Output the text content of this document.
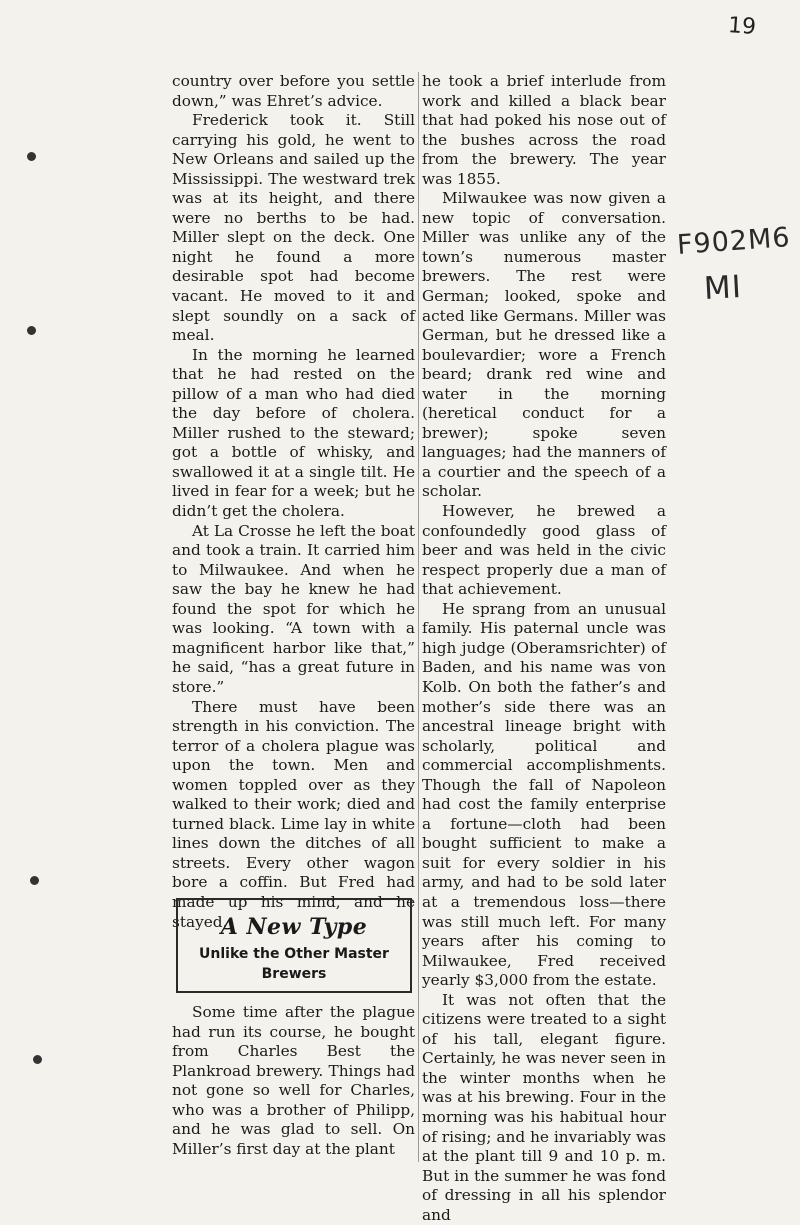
19
F902M6
MI

country over before you settle down,” was Ehret’s advice.

Frederick took it. Still carrying his gold, he went to New Orleans and sailed up the Mississippi. The westward trek was at its height, and there were no berths to be had. Miller slept on the deck. One night he found a more desirable spot had become vacant. He moved to it and slept soundly on a sack of meal.

In the morning he learned that he had rested on the pillow of a man who had died the day before of cholera. Miller rushed to the steward; got a bottle of whisky, and swallowed it at a single tilt. He lived in fear for a week; but he didn’t get the cholera.

At La Crosse he left the boat and took a train. It carried him to Milwaukee. And when he saw the bay he knew he had found the spot for which he was looking. “A town with a magnificent harbor like that,” he said, “has a great future in store.”

There must have been strength in his conviction. The terror of a cholera plague was upon the town. Men and women toppled over as they walked to their work; died and turned black. Lime lay in white lines down the ditches of all streets. Every other wagon bore a coffin. But Fred had made up his mind, and he stayed.

A New Type
Unlike the Other Master Brewers

Some time after the plague had run its course, he bought from Charles Best the Plankroad brewery. Things had not gone so well for Charles, who was a brother of Philipp, and he was glad to sell. On Miller’s first day at the plant

he took a brief interlude from work and killed a black bear that had poked his nose out of the bushes across the road from the brewery. The year was 1855.

Milwaukee was now given a new topic of conversation. Miller was unlike any of the town’s numerous master brewers. The rest were German; looked, spoke and acted like Germans. Miller was German, but he dressed like a boulevardier; wore a French beard; drank red wine and water in the morning (heretical conduct for a brewer); spoke seven languages; had the manners of a courtier and the speech of a scholar.

However, he brewed a confoundedly good glass of beer and was held in the civic respect properly due a man of that achievement.

He sprang from an unusual family. His paternal uncle was high judge (Oberamsrichter) of Baden, and his name was von Kolb. On both the father’s and mother’s side there was an ancestral lineage bright with scholarly, political and commercial accomplishments. Though the fall of Napoleon had cost the family enterprise a fortune—cloth had been bought sufficient to make a suit for every soldier in his army, and had to be sold later at a tremendous loss—there was still much left. For many years after his coming to Milwaukee, Fred received yearly $3,000 from the estate.

It was not often that the citizens were treated to a sight of his tall, elegant figure. Certainly, he was never seen in the winter months when he was at his brewing. Four in the morning was his habitual hour of rising; and he invariably was at the plant till 9 and 10 p. m. But in the summer he was fond of dressing in all his splendor and
